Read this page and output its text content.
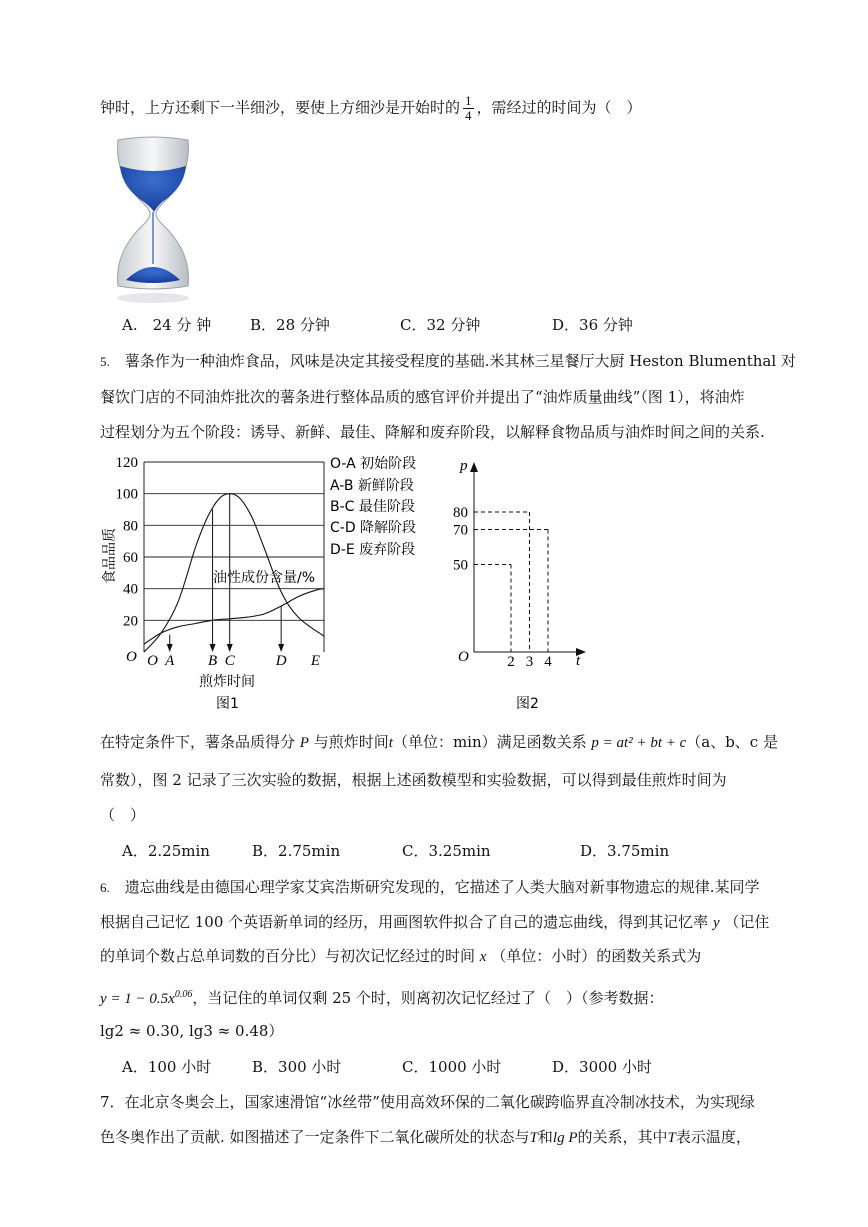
钟时，上方还剩下一半细沙，要使上方细沙是开始时的 $\frac{1}{4}$ ，需经过的时间为（　）
A.　24 分 钟	B．28 分钟	C．32 分钟	D．36 分钟
5.　 薯条作为一种油炸食品，风味是决定其接受程度的基础.米其林三星餐厅大厨 Heston Blumenthal 对
餐饮门店的不同油炸批次的薯条进行整体品质的感官评价并提出了“油炸质量曲线”（图 1），将油炸
过程划分为五个阶段：诱导、新鲜、最佳、降解和废弃阶段，以解释食物品质与油炸时间之间的关系.
20
40
60
80
100
120
O A B C	D E
O
食品品质
煎炸时间
图1
油性成份含量/%
O-A 初始阶段
A-B 新鲜阶段
B-C 最佳阶段
C-D 降解阶段
D-E 废弃阶段
50
70
80
2 3 4
p
t
O
图2
在特定条件下，薯条品质得分 P 与煎炸时间t（单位：min）满足函数关系 p = at² + bt + c（a、b、c 是
常数），图 2 记录了三次实验的数据，根据上述函数模型和实验数据，可以得到最佳煎炸时间为
（　）
A．2.25min	B．2.75min	C．3.25min	D．3.75min
6.　 遗忘曲线是由德国心理学家艾宾浩斯研究发现的，它描述了人类大脑对新事物遗忘的规律.某同学
根据自己记忆 100 个英语新单词的经历，用画图软件拟合了自己的遗忘曲线，得到其记忆率 y （记住
的单词个数占总单词数的百分比）与初次记忆经过的时间 x （单位：小时）的函数关系式为
$y = 1 - 0.5x^{0.06}$，当记住的单词仅剩 25 个时，则离初次记忆经过了（　）（参考数据：
lg2 ≈ 0.30, lg3 ≈ 0.48）
A．100 小时	B．300 小时	C．1000 小时	D．3000 小时
7．在北京冬奥会上，国家速滑馆“冰丝带”使用高效环保的二氧化碳跨临界直冷制冰技术，为实现绿
色冬奥作出了贡献. 如图描述了一定条件下二氧化碳所处的状态与T和lg P的关系，其中T表示温度，
